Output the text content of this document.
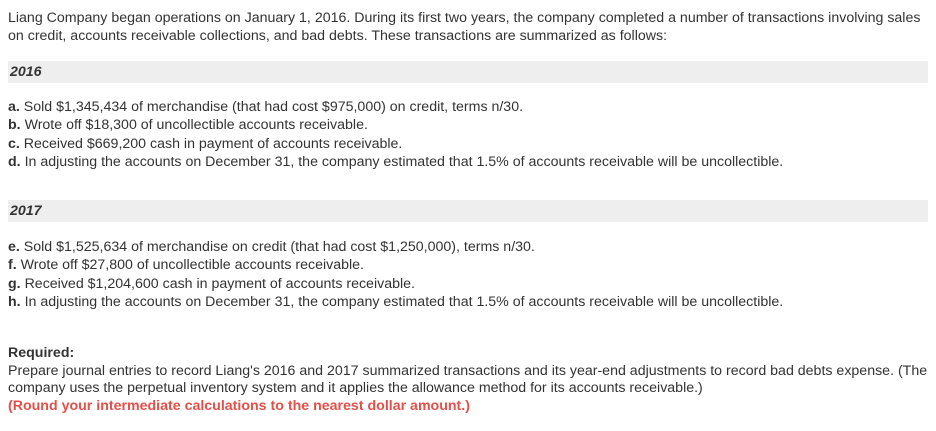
Liang Company began operations on January 1, 2016. During its first two years, the company completed a number of transactions involving sales on credit, accounts receivable collections, and bad debts. These transactions are summarized as follows:
2016
a. Sold $1,345,434 of merchandise (that had cost $975,000) on credit, terms n/30.
b. Wrote off $18,300 of uncollectible accounts receivable.
c. Received $669,200 cash in payment of accounts receivable.
d. In adjusting the accounts on December 31, the company estimated that 1.5% of accounts receivable will be uncollectible.
2017
e. Sold $1,525,634 of merchandise on credit (that had cost $1,250,000), terms n/30.
f. Wrote off $27,800 of uncollectible accounts receivable.
g. Received $1,204,600 cash in payment of accounts receivable.
h. In adjusting the accounts on December 31, the company estimated that 1.5% of accounts receivable will be uncollectible.
Required:
Prepare journal entries to record Liang's 2016 and 2017 summarized transactions and its year-end adjustments to record bad debts expense. (The company uses the perpetual inventory system and it applies the allowance method for its accounts receivable.)
(Round your intermediate calculations to the nearest dollar amount.)
